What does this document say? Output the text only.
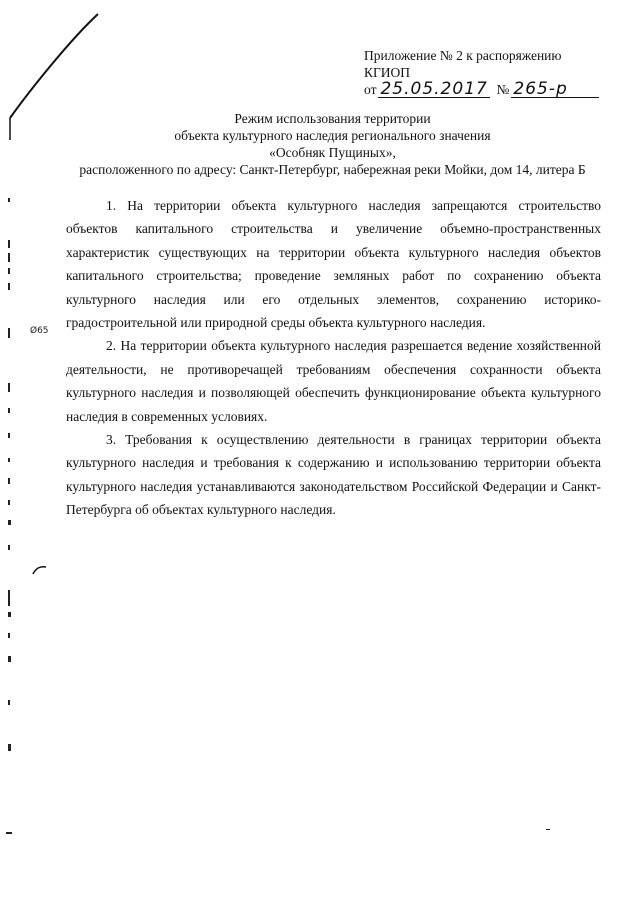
Ø65
Приложение № 2 к распоряжению КГИОП
от 25.05.2017 № 265-р
Режим использования территории
объекта культурного наследия регионального значения
«Особняк Пущиных»,
расположенного по адресу: Санкт-Петербург, набережная реки Мойки, дом 14, литера Б

1. На территории объекта культурного наследия запрещаются строительство объектов капитального строительства и увеличение объемно-пространственных характеристик существующих на территории объекта культурного наследия объектов капитального строительства; проведение земляных работ по сохранению объекта культурного наследия или его отдельных элементов, сохранению историко-градостроительной или природной среды объекта культурного наследия.

2. На территории объекта культурного наследия разрешается ведение хозяйственной деятельности, не противоречащей требованиям обеспечения сохранности объекта культурного наследия и позволяющей обеспечить функционирование объекта культурного наследия в современных условиях.

3. Требования к осуществлению деятельности в границах территории объекта культурного наследия и требования к содержанию и использованию территории объекта культурного наследия устанавливаются законодательством Российской Федерации и Санкт-Петербурга об объектах культурного наследия.
